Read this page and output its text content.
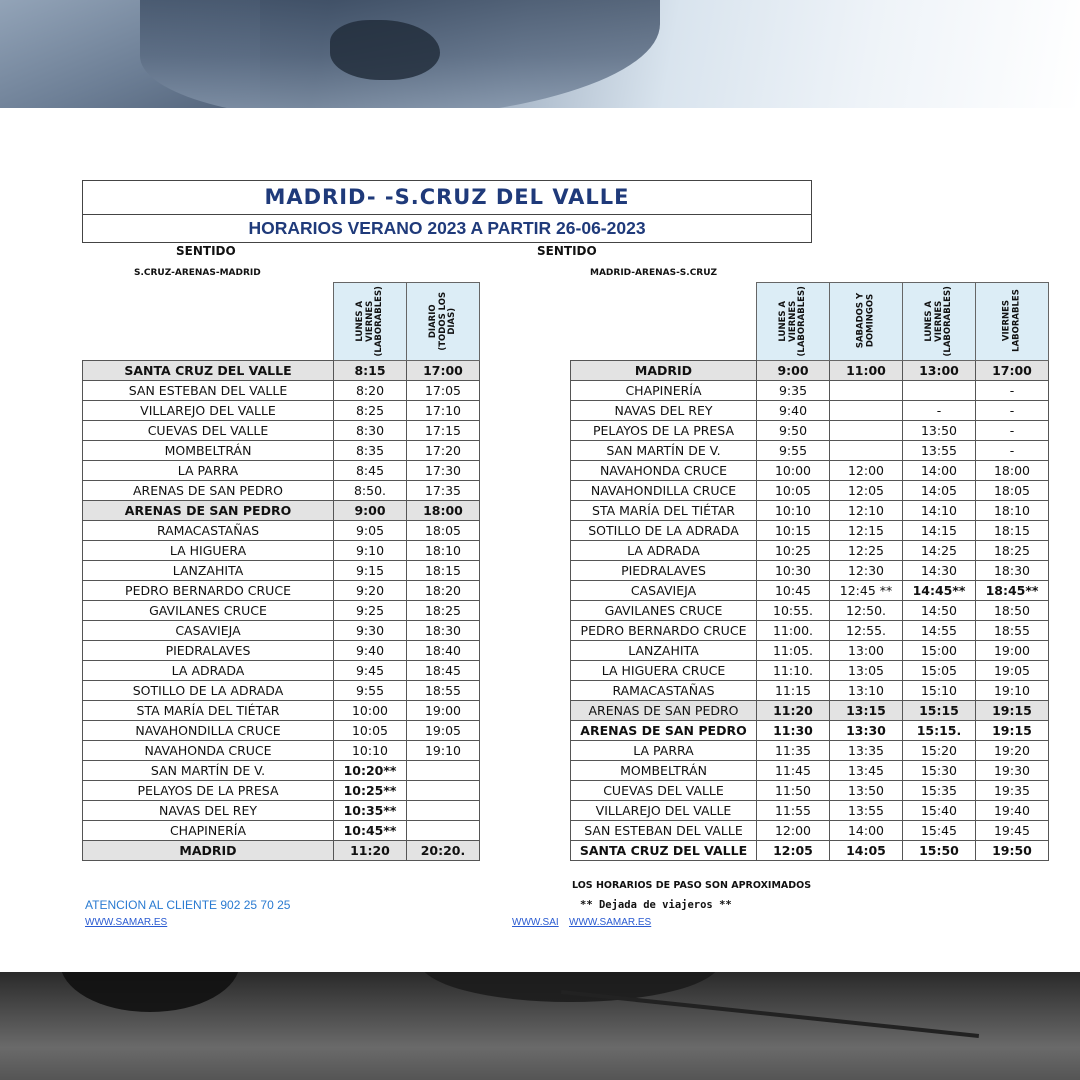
MADRID- -S.CRUZ DEL VALLE
HORARIOS VERANO 2023 A PARTIR 26-06-2023
SENTIDO
S.CRUZ-ARENAS-MADRID
SENTIDO
MADRID-ARENAS-S.CRUZ
	LUNES A VIERNES (LABORABLES)	DIARIO (TODOS LOS DIAS)
SANTA CRUZ DEL VALLE	8:15	17:00
SAN ESTEBAN DEL VALLE	8:20	17:05
VILLAREJO DEL VALLE	8:25	17:10
CUEVAS DEL VALLE	8:30	17:15
MOMBELTRÁN	8:35	17:20
LA PARRA	8:45	17:30
ARENAS DE SAN PEDRO	8:50.	17:35
ARENAS DE SAN PEDRO	9:00	18:00
RAMACASTAÑAS	9:05	18:05
LA HIGUERA	9:10	18:10
LANZAHITA	9:15	18:15
PEDRO BERNARDO CRUCE	9:20	18:20
GAVILANES CRUCE	9:25	18:25
CASAVIEJA	9:30	18:30
PIEDRALAVES	9:40	18:40
LA ADRADA	9:45	18:45
SOTILLO DE LA ADRADA	9:55	18:55
STA MARÍA DEL TIÉTAR	10:00	19:00
NAVAHONDILLA CRUCE	10:05	19:05
NAVAHONDA CRUCE	10:10	19:10
SAN MARTÍN DE V.	10:20**	
PELAYOS DE LA PRESA	10:25**	
NAVAS DEL REY	10:35**	
CHAPINERÍA	10:45**	
MADRID	11:20	20:20.
	LUNES A VIERNES (LABORABLES)	SABADOS Y DOMINGOS	LUNES A VIERNES (LABORABLES)	VIERNES LABORABLES
MADRID	9:00	11:00	13:00	17:00
CHAPINERÍA	9:35			-
NAVAS DEL REY	9:40		-	-
PELAYOS DE LA PRESA	9:50		13:50	-
SAN MARTÍN DE V.	9:55		13:55	-
NAVAHONDA CRUCE	10:00	12:00	14:00	18:00
NAVAHONDILLA CRUCE	10:05	12:05	14:05	18:05
STA MARÍA DEL TIÉTAR	10:10	12:10	14:10	18:10
SOTILLO DE LA ADRADA	10:15	12:15	14:15	18:15
LA ADRADA	10:25	12:25	14:25	18:25
PIEDRALAVES	10:30	12:30	14:30	18:30
CASAVIEJA	10:45	12:45 **	14:45**	18:45**
GAVILANES CRUCE	10:55.	12:50.	14:50	18:50
PEDRO BERNARDO CRUCE	11:00.	12:55.	14:55	18:55
LANZAHITA	11:05.	13:00	15:00	19:00
LA HIGUERA CRUCE	11:10.	13:05	15:05	19:05
RAMACASTAÑAS	11:15	13:10	15:10	19:10
ARENAS DE SAN PEDRO	11:20	13:15	15:15	19:15
ARENAS DE SAN PEDRO	11:30	13:30	15:15.	19:15
LA PARRA	11:35	13:35	15:20	19:20
MOMBELTRÁN	11:45	13:45	15:30	19:30
CUEVAS DEL VALLE	11:50	13:50	15:35	19:35
VILLAREJO DEL VALLE	11:55	13:55	15:40	19:40
SAN ESTEBAN DEL VALLE	12:00	14:00	15:45	19:45
SANTA CRUZ DEL VALLE	12:05	14:05	15:50	19:50
LOS HORARIOS DE PASO SON APROXIMADOS
** Dejada de viajeros **
ATENCION AL CLIENTE 902 25 70 25
WWW.SAMAR.ES	WWW.SAI WWW.SAMAR.ES
